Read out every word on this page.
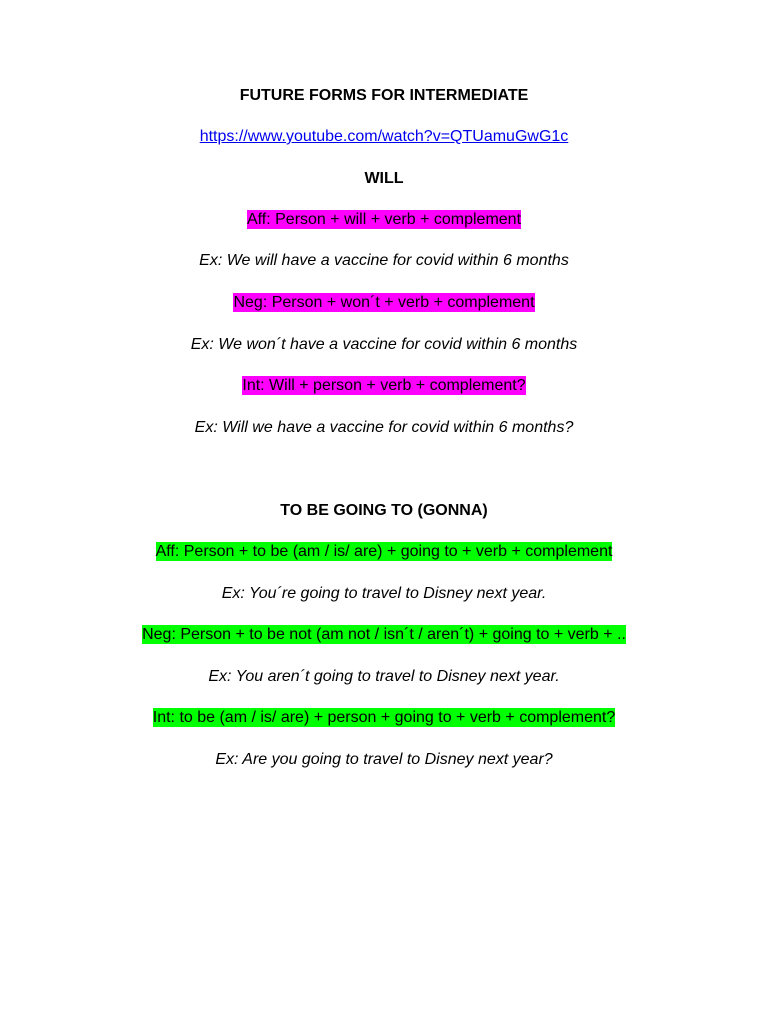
FUTURE FORMS FOR INTERMEDIATE
https://www.youtube.com/watch?v=QTUamuGwG1c
WILL
Aff: Person + will + verb + complement
Ex: We will have a vaccine for covid within 6 months
Neg: Person + won´t + verb + complement
Ex: We won´t have a vaccine for covid within 6 months
Int: Will + person + verb + complement?
Ex: Will we have a vaccine for covid within 6 months?
TO BE GOING TO (GONNA)
Aff: Person + to be (am / is/ are) + going to + verb + complement
Ex: You´re going to travel to Disney next year.
Neg: Person + to be not (am not / isn´t / aren´t) + going to + verb + ..
Ex: You aren´t going to travel to Disney next year.
Int: to be (am / is/ are) + person + going to + verb + complement?
Ex: Are you going to travel to Disney next year?
